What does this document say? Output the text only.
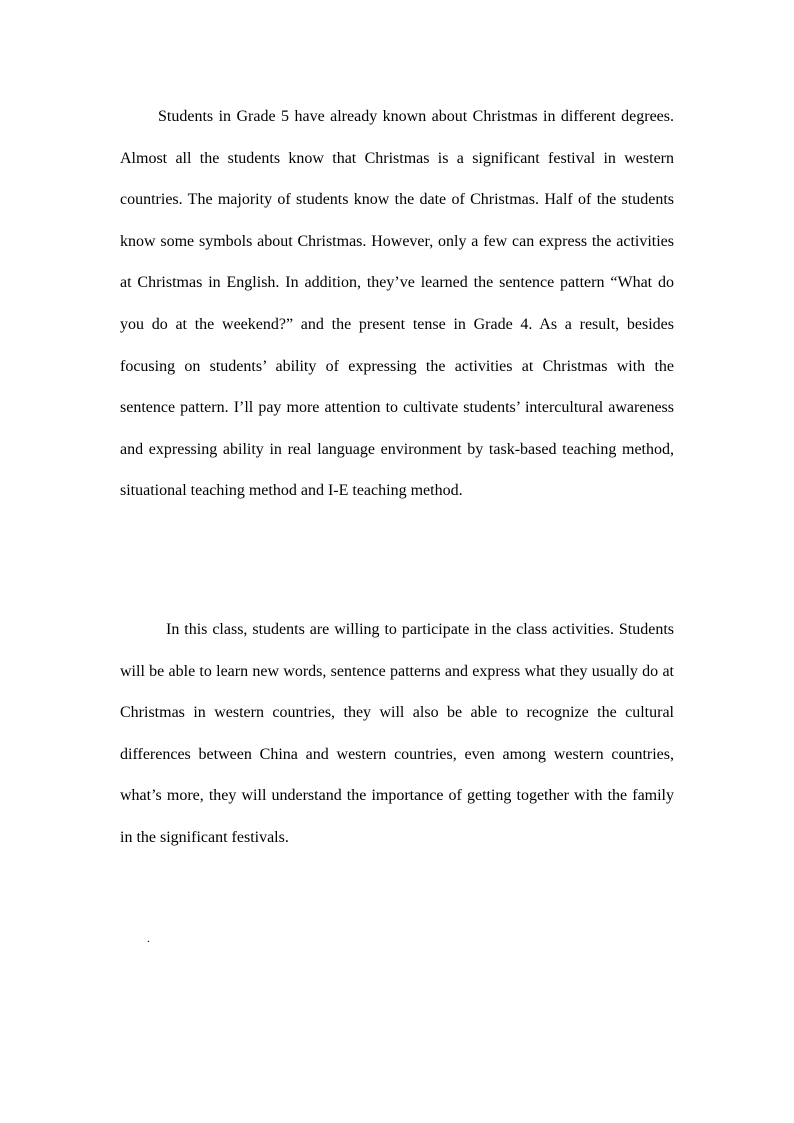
Students in Grade 5 have already known about Christmas in different degrees. Almost all the students know that Christmas is a significant festival in western countries. The majority of students know the date of Christmas. Half of the students know some symbols about Christmas. However, only a few can express the activities at Christmas in English. In addition, they’ve learned the sentence pattern “What do you do at the weekend?” and the present tense in Grade 4. As a result, besides focusing on students’ ability of expressing the activities at Christmas with the sentence pattern. I’ll pay more attention to cultivate students’ intercultural awareness and expressing ability in real language environment by task-based teaching method, situational teaching method and I-E teaching method.

In this class, students are willing to participate in the class activities. Students will be able to learn new words, sentence patterns and express what they usually do at Christmas in western countries, they will also be able to recognize the cultural differences between China and western countries, even among western countries, what’s more, they will understand the importance of getting together with the family in the significant festivals.

.
